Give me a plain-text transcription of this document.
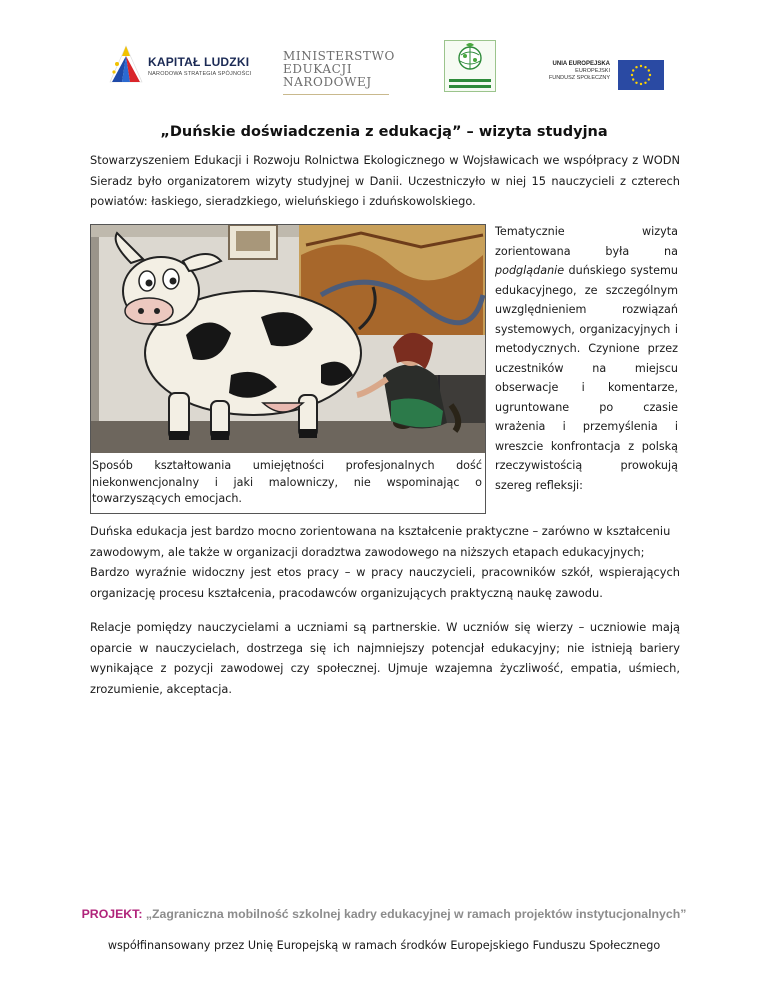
KAPITAŁ LUDZKI
NARODOWA STRATEGIA SPÓJNOŚCI
MINISTERSTWO
EDUKACJI
NARODOWEJ
UNIA EUROPEJSKA
EUROPEJSKI
FUNDUSZ SPOŁECZNY
„Duńskie doświadczenia z edukacją” – wizyta studyjna
Stowarzyszeniem Edukacji i Rozwoju Rolnictwa Ekologicznego w Wojsławicach we współpracy z WODN Sieradz było organizatorem wizyty studyjnej w Danii. Uczestniczyło w niej 15 nauczycieli z czterech powiatów: łaskiego, sieradzkiego, wieluńskiego i zduńskowolskiego.
Sposób kształtowania umiejętności profesjonalnych dość niekonwencjonalny i jaki malowniczy, nie wspominając o towarzyszących emocjach.
Tematycznie wizyta zorientowana była na podglądanie duńskiego systemu edukacyjnego, ze szczególnym uwzględnieniem rozwiązań systemowych, organizacyjnych i metodycznych. Czynione przez uczestników na miejscu obserwacje i komentarze, ugruntowane po czasie wrażenia i przemyślenia i wreszcie konfrontacja z polską rzeczywistością prowokują szereg refleksji:
Duńska edukacja jest bardzo mocno zorientowana na kształcenie praktyczne – zarówno w kształceniu zawodowym, ale także w organizacji doradztwa zawodowego na niższych etapach edukacyjnych;
Bardzo wyraźnie widoczny jest etos pracy – w pracy nauczycieli, pracowników szkół, wspierających organizację procesu kształcenia, pracodawców organizujących praktyczną naukę zawodu.
Relacje pomiędzy nauczycielami a uczniami są partnerskie. W uczniów się wierzy – uczniowie mają oparcie w nauczycielach, dostrzega się ich najmniejszy potencjał edukacyjny; nie istnieją bariery wynikające z pozycji zawodowej czy społecznej. Ujmuje wzajemna życzliwość, empatia, uśmiech, zrozumienie, akceptacja.
PROJEKT: „Zagraniczna mobilność szkolnej kadry edukacyjnej w ramach projektów instytucjonalnych”
współfinansowany przez Unię Europejską w ramach środków Europejskiego Funduszu Społecznego
